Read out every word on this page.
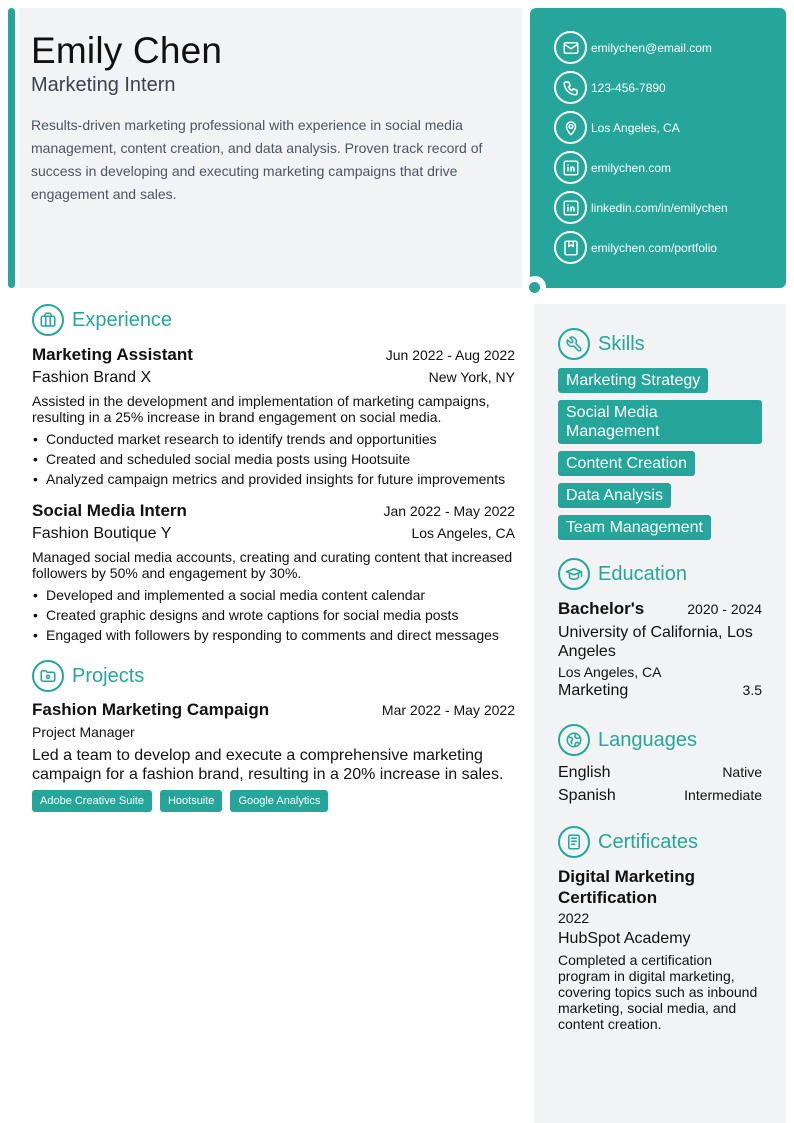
Emily Chen
Marketing Intern
Results-driven marketing professional with experience in social media management, content creation, and data analysis. Proven track record of success in developing and executing marketing campaigns that drive engagement and sales.
emilychen@email.com
123-456-7890
Los Angeles, CA
emilychen.com
linkedin.com/in/emilychen
emilychen.com/portfolio
Experience
Marketing Assistant	Jun 2022 - Aug 2022
Fashion Brand X	New York, NY
Assisted in the development and implementation of marketing campaigns, resulting in a 25% increase in brand engagement on social media.
• Conducted market research to identify trends and opportunities
• Created and scheduled social media posts using Hootsuite
• Analyzed campaign metrics and provided insights for future improvements
Social Media Intern	Jan 2022 - May 2022
Fashion Boutique Y	Los Angeles, CA
Managed social media accounts, creating and curating content that increased followers by 50% and engagement by 30%.
• Developed and implemented a social media content calendar
• Created graphic designs and wrote captions for social media posts
• Engaged with followers by responding to comments and direct messages
Projects
Fashion Marketing Campaign	Mar 2022 - May 2022
Project Manager
Led a team to develop and execute a comprehensive marketing campaign for a fashion brand, resulting in a 20% increase in sales.
Adobe Creative Suite	Hootsuite	Google Analytics
Skills
Marketing Strategy
Social Media Management
Content Creation
Data Analysis
Team Management
Education
Bachelor's	2020 - 2024
University of California, Los Angeles
Los Angeles, CA
Marketing	3.5
Languages
English	Native
Spanish	Intermediate
Certificates
Digital Marketing Certification
2022
HubSpot Academy
Completed a certification program in digital marketing, covering topics such as inbound marketing, social media, and content creation.
